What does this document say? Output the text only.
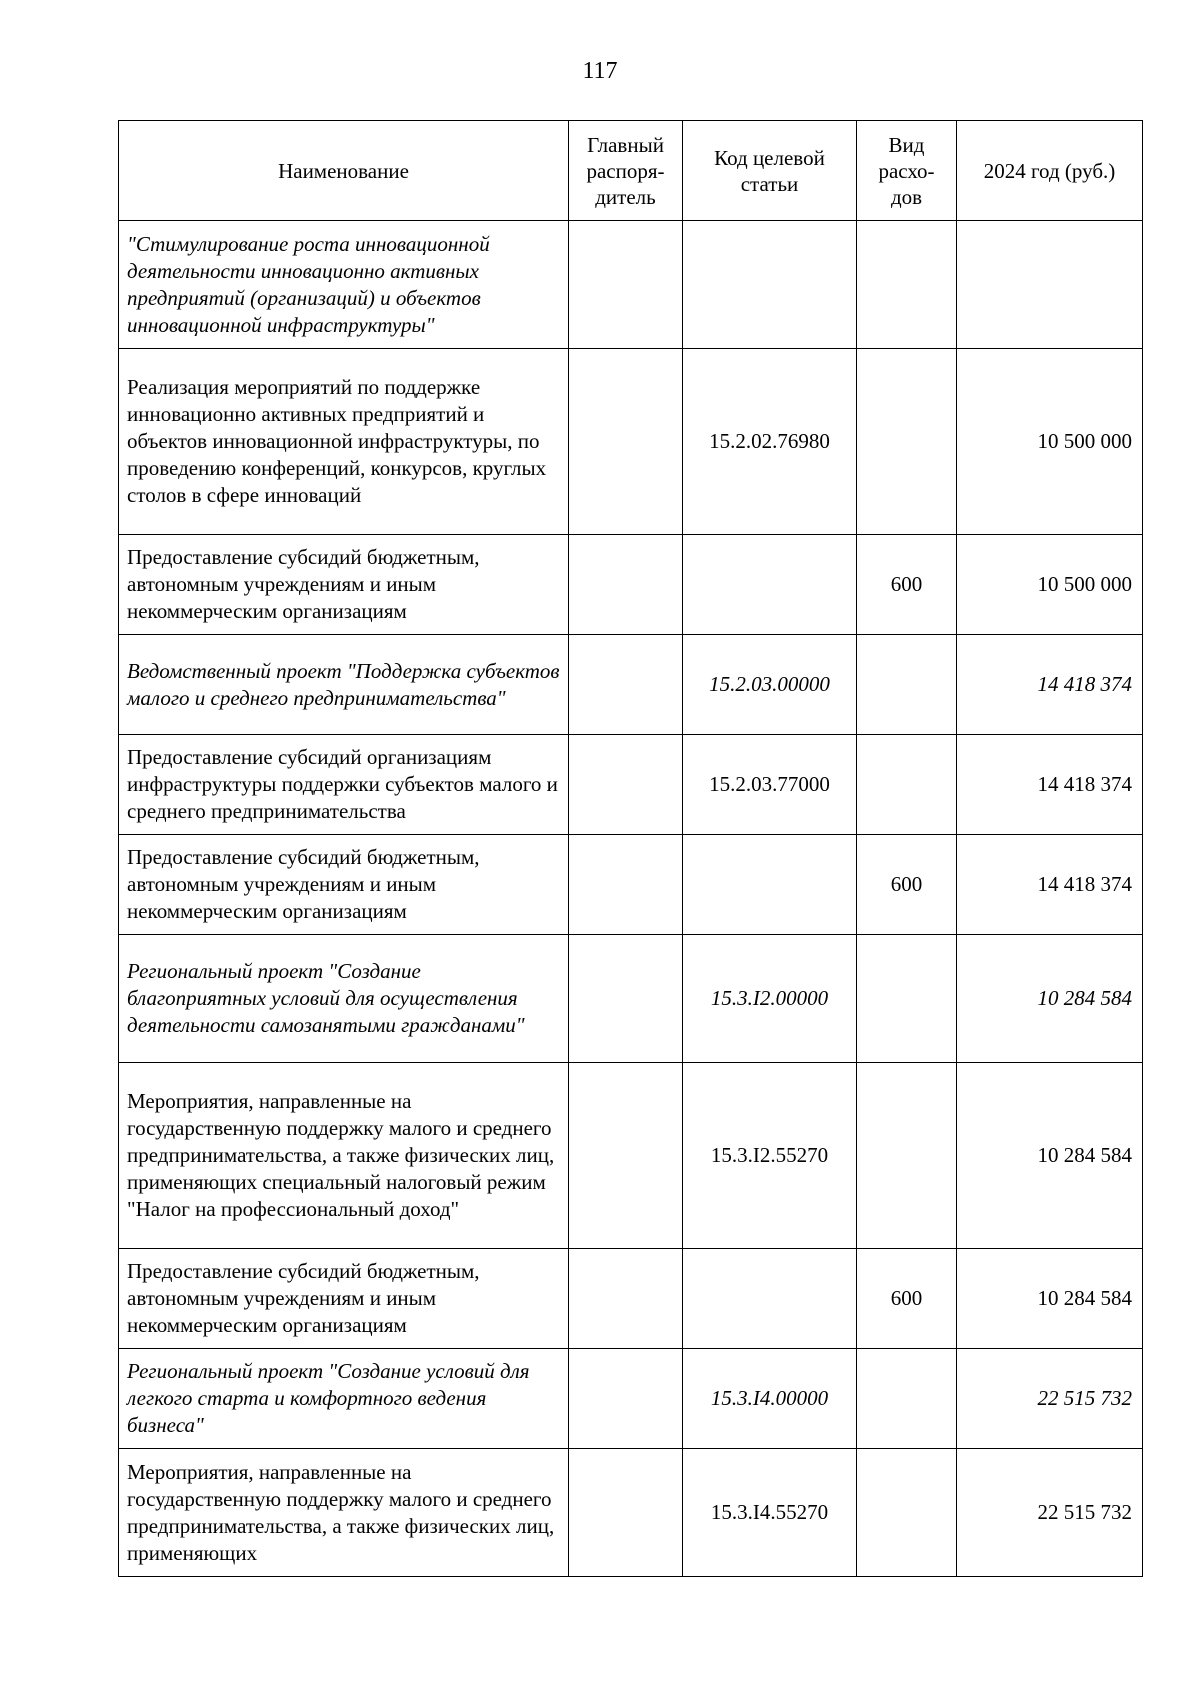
117
Наименование	Главный распоря-дитель	Код целевой статьи	Вид расхо-дов	2024 год (руб.)
"Стимулирование роста инновационной деятельности инновационно активных предприятий (организаций) и объектов инновационной инфраструктуры"				
Реализация мероприятий по поддержке инновационно активных предприятий и объектов инновационной инфраструктуры, по проведению конференций, конкурсов, круглых столов в сфере инноваций		15.2.02.76980		10 500 000
Предоставление субсидий бюджетным, автономным учреждениям и иным некоммерческим организациям			600	10 500 000
Ведомственный проект "Поддержка субъектов малого и среднего предпринимательства"		15.2.03.00000		14 418 374
Предоставление субсидий организациям инфраструктуры поддержки субъектов малого и среднего предпринимательства		15.2.03.77000		14 418 374
Предоставление субсидий бюджетным, автономным учреждениям и иным некоммерческим организациям			600	14 418 374
Региональный проект "Создание благоприятных условий для осуществления деятельности самозанятыми гражданами"		15.3.I2.00000		10 284 584
Мероприятия, направленные на государственную поддержку малого и среднего предпринимательства, а также физических лиц, применяющих специальный налоговый режим "Налог на профессиональный доход"		15.3.I2.55270		10 284 584
Предоставление субсидий бюджетным, автономным учреждениям и иным некоммерческим организациям			600	10 284 584
Региональный проект "Создание условий для легкого старта и комфортного ведения бизнеса"		15.3.I4.00000		22 515 732
Мероприятия, направленные на государственную поддержку малого и среднего предпринимательства, а также физических лиц, применяющих		15.3.I4.55270		22 515 732
